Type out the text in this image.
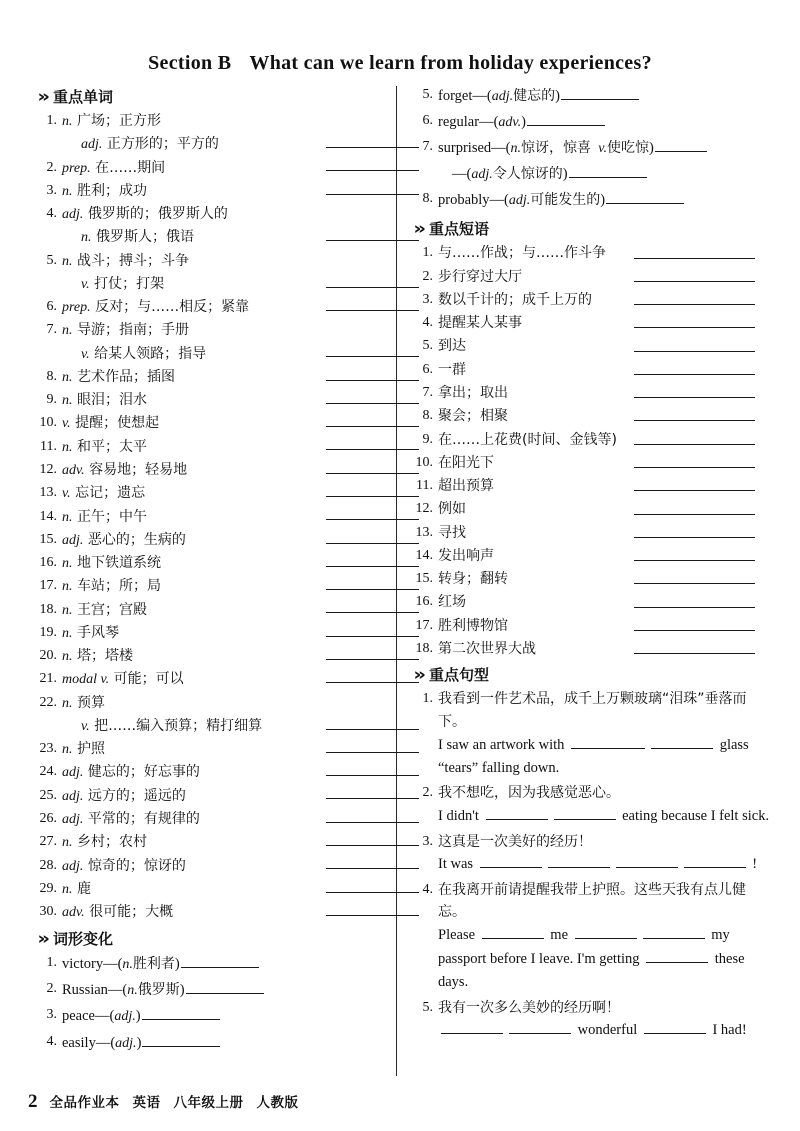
Section B What can we learn from holiday experiences?
» 重点单词
1. n. 广场；正方形
adj. 正方形的；平方的
2. prep. 在……期间
3. n. 胜利；成功
4. adj. 俄罗斯的；俄罗斯人的
n. 俄罗斯人；俄语
5. n. 战斗；搏斗；斗争
v. 打仗；打架
6. prep. 反对；与……相反；紧靠
7. n. 导游；指南；手册
v. 给某人领路；指导
8. n. 艺术作品；插图
9. n. 眼泪；泪水
10. v. 提醒；使想起
11. n. 和平；太平
12. adv. 容易地；轻易地
13. v. 忘记；遗忘
14. n. 正午；中午
15. adj. 恶心的；生病的
16. n. 地下铁道系统
17. n. 车站；所；局
18. n. 王宫；宫殿
19. n. 手风琴
20. n. 塔；塔楼
21. modal v. 可能；可以
22. n. 预算
v. 把……编入预算；精打细算
23. n. 护照
24. adj. 健忘的；好忘事的
25. adj. 远方的；遥远的
26. adj. 平常的；有规律的
27. n. 乡村；农村
28. adj. 惊奇的；惊讶的
29. n. 鹿
30. adv. 很可能；大概
» 词形变化
1. victory— ( n. 胜利者 )
2. Russian— ( n. 俄罗斯 )
3. peace— ( adj. )
4. easily— ( adj. )
5. forget— ( adj. 健忘的 )
6. regular— ( adv. )
7. surprised— ( n. 惊讶，惊喜
v. 使吃惊 )
—( adj. 令人惊讶的 )
8. probably— ( adj. 可能发生的 )
» 重点短语
1. 与……作战；与……作斗争
2. 步行穿过大厅
3. 数以千计的；成千上万的
4. 提醒某人某事
5. 到达
6. 一群
7. 拿出；取出
8. 聚会；相聚
9. 在……上花费(时间、金钱等)
10. 在阳光下
11. 超出预算
12. 例如
13. 寻找
14. 发出响声
15. 转身；翻转
16. 红场
17. 胜利博物馆
18. 第二次世界大战
» 重点句型
1. 我看到一件艺术品，成千上万颗玻璃“泪珠”垂落而下。
I saw an artwork with	glass “tears” falling down.
2. 我不想吃，因为我感觉恶心。
I didn't	eating because I felt sick.
3. 这真是一次美好的经历！
It was	!
4. 在我离开前请提醒我带上护照。这些天我有点儿健忘。
Please	me	my passport before I leave. I'm getting	these days.
5. 我有一次多么美妙的经历啊！
wonderful	I had!
2 全品作业本 英语 八年级上册 人教版
